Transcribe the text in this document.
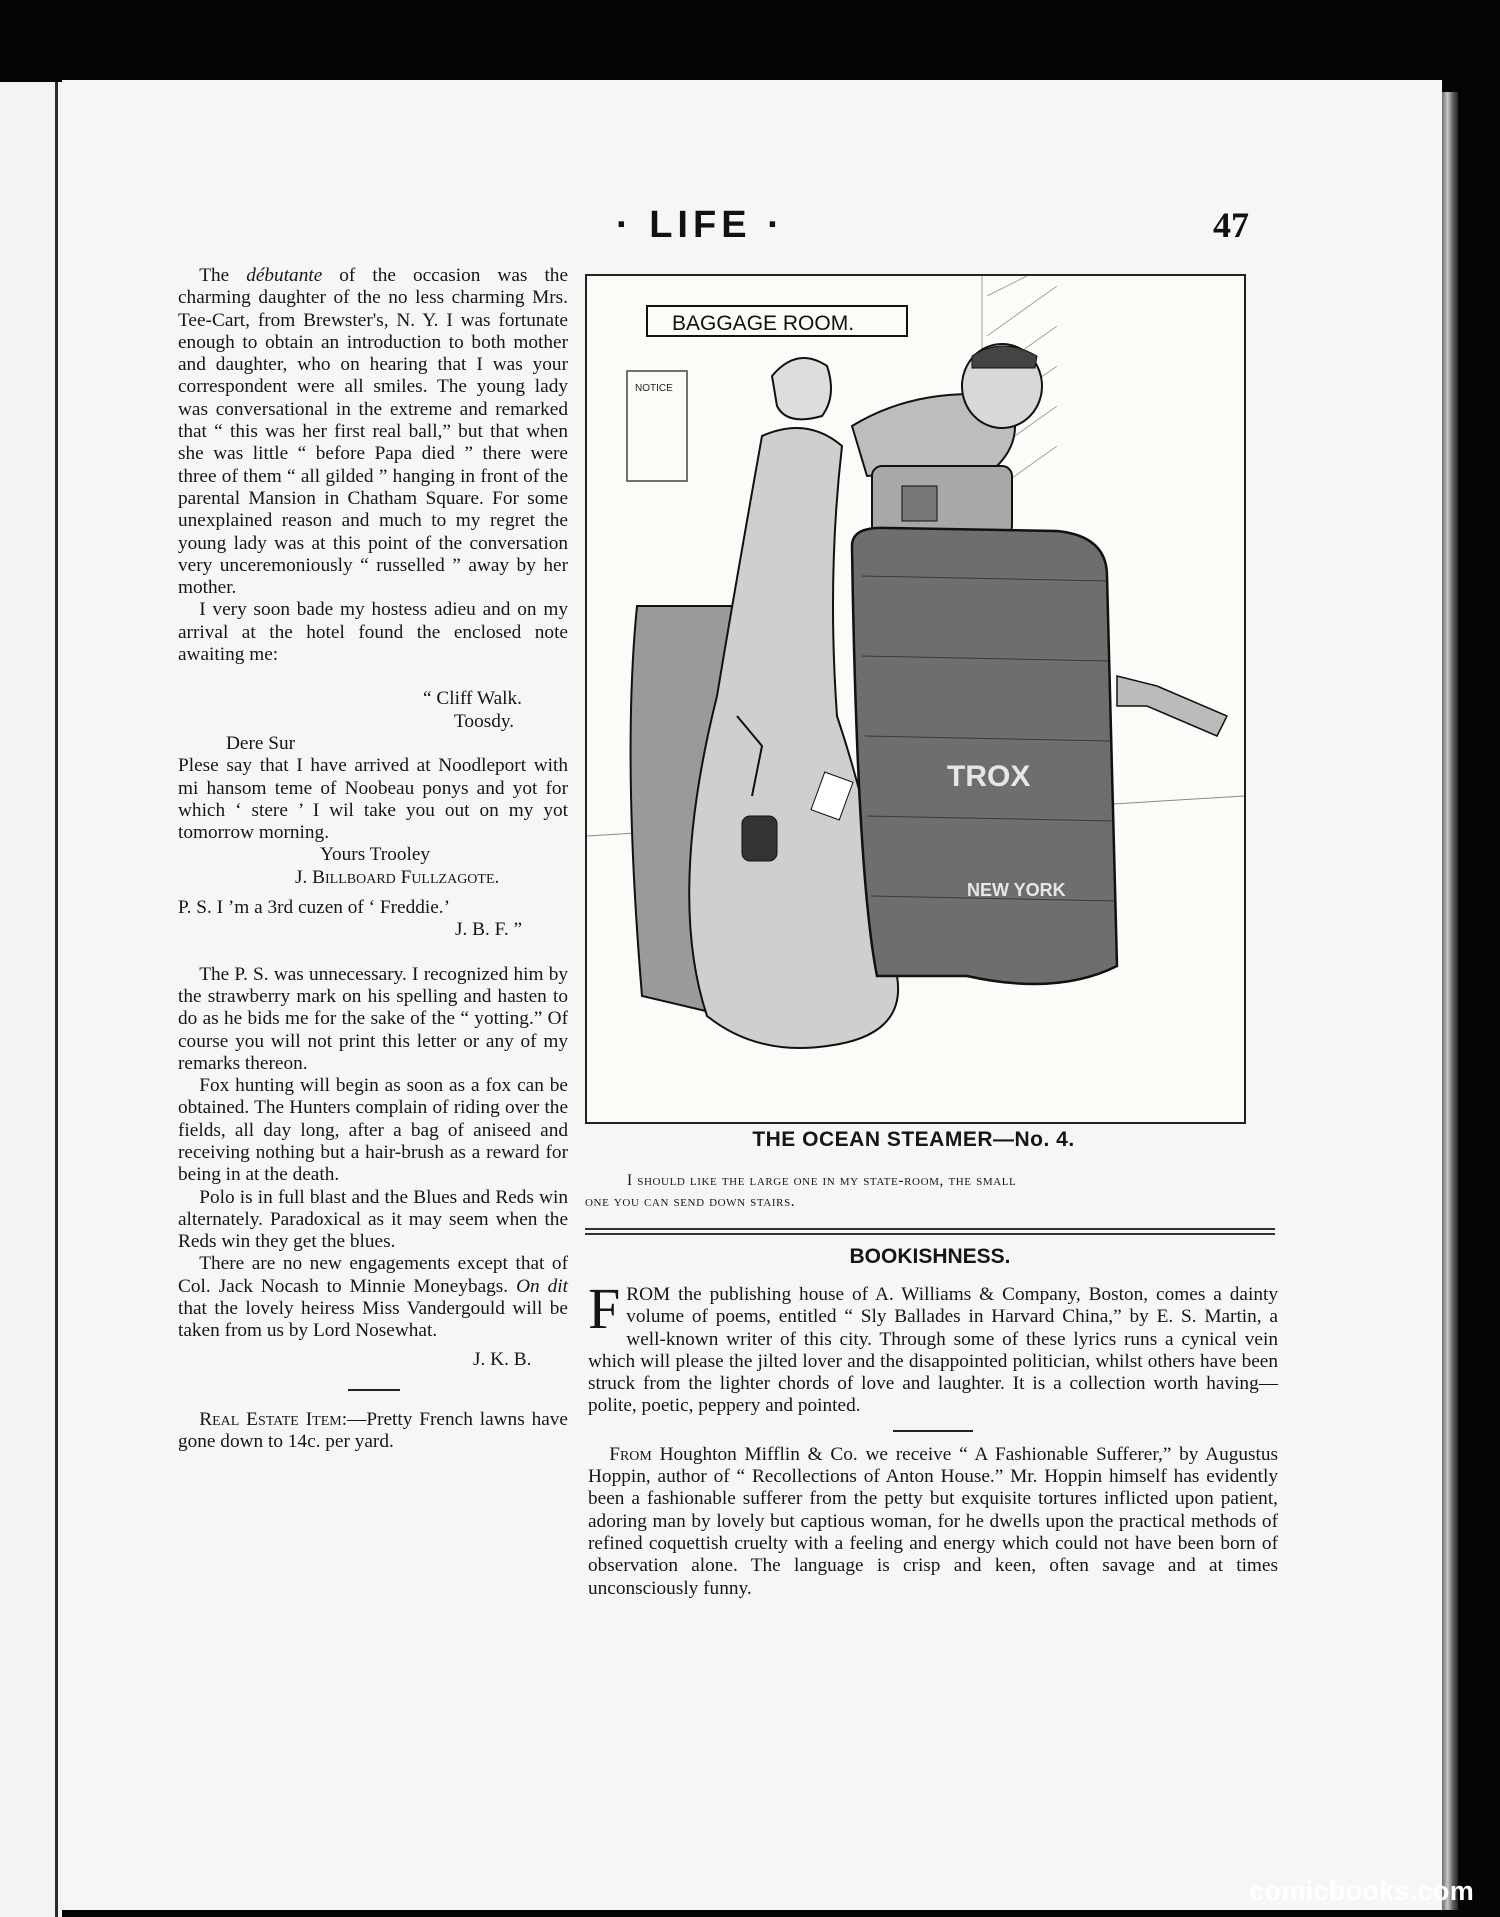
· LIFE ·	47

The débutante of the occasion was the charming daughter of the no less charming Mrs. Tee-Cart, from Brewster's, N. Y. I was fortunate enough to obtain an introduction to both mother and daughter, who on hearing that I was your correspondent were all smiles. The young lady was conversational in the extreme and remarked that “ this was her first real ball,” but that when she was little “ before Papa died ” there were three of them “ all gilded ” hanging in front of the parental Mansion in Chatham Square. For some unexplained reason and much to my regret the young lady was at this point of the conversation very unceremoniously “ russelled ” away by her mother.

I very soon bade my hostess adieu and on my arrival at the hotel found the enclosed note awaiting me:

“ Cliff Walk.

Toosdy.

Dere Sur

Plese say that I have arrived at Noodleport with mi hansom teme of Noobeau ponys and yot for which ‘ stere ’ I wil take you out on my yot tomorrow morning.

Yours Trooley

J. Billboard Fullzagote.

P. S. I ’m a 3rd cuzen of ‘ Freddie.’

J. B. F. ”

The P. S. was unnecessary. I recognized him by the strawberry mark on his spelling and hasten to do as he bids me for the sake of the “ yotting.” Of course you will not print this letter or any of my remarks thereon.

Fox hunting will begin as soon as a fox can be obtained. The Hunters complain of riding over the fields, all day long, after a bag of aniseed and receiving nothing but a hair-brush as a reward for being in at the death.

Polo is in full blast and the Blues and Reds win alternately. Paradoxical as it may seem when the Reds win they get the blues.

There are no new engagements except that of Col. Jack Nocash to Minnie Moneybags. On dit that the lovely heiress Miss Vandergould will be taken from us by Lord Nosewhat.

J. K. B.

Real Estate Item:—Pretty French lawns have gone down to 14c. per yard.

BAGGAGE ROOM.
NOTICE
TROX
NEW YORK
THE OCEAN STEAMER—No. 4.
I should like the large one in my state-room, the small
one you can send down stairs.
BOOKISHNESS.

FROM the publishing house of A. Williams & Company, Boston, comes a dainty volume of poems, entitled “ Sly Ballades in Harvard China,” by E. S. Martin, a well-known writer of this city. Through some of these lyrics runs a cynical vein which will please the jilted lover and the disappointed politician, whilst others have been struck from the lighter chords of love and laughter. It is a collection worth having—polite, poetic, peppery and pointed.

From Houghton Mifflin & Co. we receive “ A Fashionable Sufferer,” by Augustus Hoppin, author of “ Recollections of Anton House.” Mr. Hoppin himself has evidently been a fashionable sufferer from the petty but exquisite tortures inflicted upon patient, adoring man by lovely but captious woman, for he dwells upon the practical methods of refined coquettish cruelty with a feeling and energy which could not have been born of observation alone. The language is crisp and keen, often savage and at times unconsciously funny.

comicbooks.com
